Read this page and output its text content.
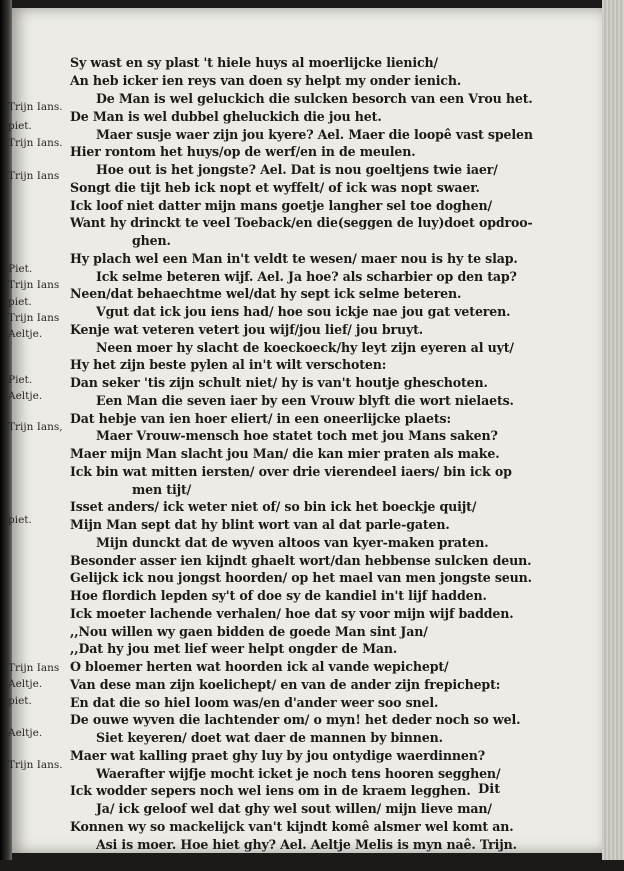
Sy wast en sy plast 't hiele huys al moerlijcke lienich/
An heb icker ien reys van doen sy helpt my onder ienich.
De Man is wel geluckich die sulcken besorch van een Vrou het.
De Man is wel dubbel gheluckich die jou het.
Maer susje waer zijn jou kyere? Ael. Maer die loopê vast spelen
Hier rontom het huys/op de werf/en in de meulen.
Hoe out is het jongste? Ael. Dat is nou goeltjens twie iaer/
Songt die tijt heb ick nopt et wyffelt/ of ick was nopt swaer.
Ick loof niet datter mijn mans goetje langher sel toe doghen/
Want hy drinckt te veel Toeback/en die(seggen de luy)doet opdroo-
ghen.
Hy plach wel een Man in't veldt te wesen/ maer nou is hy te slap.
Ick selme beteren wijf. Ael. Ja hoe? als scharbier op den tap?
Neen/dat behaechtme wel/dat hy sept ick selme beteren.
Vgut dat ick jou iens had/ hoe sou ickje nae jou gat veteren.
Kenje wat veteren vetert jou wijf/jou lief/ jou bruyt.
Neen moer hy slacht de koeckoeck/hy leyt zijn eyeren al uyt/
Hy het zijn beste pylen al in't wilt verschoten:
Dan seker 'tis zijn schult niet/ hy is van't houtje gheschoten.
Een Man die seven iaer by een Vrouw blyft die wort nielaets.
Dat hebje van ien hoer eliert/ in een oneerlijcke plaets:
Maer Vrouw-mensch hoe statet toch met jou Mans saken?
Maer mijn Man slacht jou Man/ die kan mier praten als make.
Ick bin wat mitten iersten/ over drie vierendeel iaers/ bin ick op
men tijt/
Isset anders/ ick weter niet of/ so bin ick het boeckje quijt/
Mijn Man sept dat hy blint wort van al dat parle-gaten.
Mijn dunckt dat de wyven altoos van kyer-maken praten.
Besonder asser ien kijndt ghaelt wort/dan hebbense sulcken deun.
Gelijck ick nou jongst hoorden/ op het mael van men jongste seun.
Hoe flordich lepden sy't of doe sy de kandiel in't lijf hadden.
Ick moeter lachende verhalen/ hoe dat sy voor mijn wijf badden.
,,Nou willen wy gaen bidden de goede Man sint Jan/
,,Dat hy jou met lief weer helpt ongder de Man.
O bloemer herten wat hoorden ick al vande wepichept/
Van dese man zijn koelichept/ en van de ander zijn frepichept:
En dat die so hiel loom was/en d'ander weer soo snel.
De ouwe wyven die lachtender om/ o myn! het deder noch so wel.
Siet keyeren/ doet wat daer de mannen by binnen.
Maer wat kalling praet ghy luy by jou ontydige waerdinnen?
Waerafter wijfje mocht icket je noch tens hooren segghen/
Ick wodder sepers noch wel iens om in de kraem legghen.
Ja/ ick geloof wel dat ghy wel sout willen/ mijn lieve man/
Konnen wy so mackelijck van't kijndt komê alsmer wel komt an.
Asi is moer. Hoe hiet ghy? Ael. Aeltje Melis is myn naê. Trijn.
En jou mans?
Trijn Ians.
piet.
Trijn Ians.
Trijn Ians
Piet.
Trijn Ians
piet.
Trijn Ians
Aeltje.
Piet.
Aeltje.
Trijn Ians,
piet.
Trijn Ians
Aeltje.
piet.
Aeltje.
Trijn Ians.
Dit
